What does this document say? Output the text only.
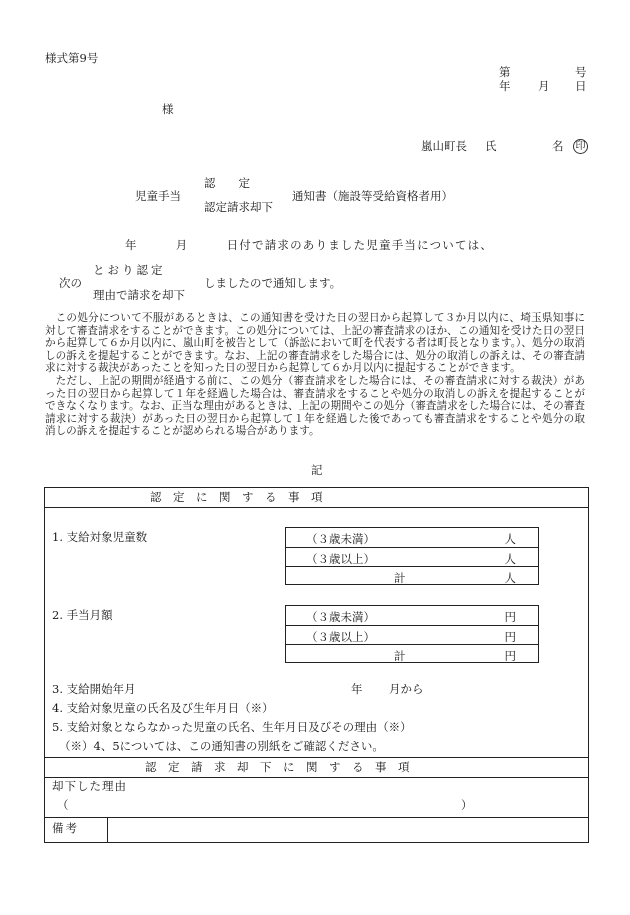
様式第9号
第	号
年 月 日
様
嵐山町長 氏	名 印
児童手当
認　　定
認定請求却下
通知書（施設等受給資格者用）
年　　　月　　　日付で請求のありました児童手当については、
次の
とおり認定
理由で請求を却下
しましたので通知します。

この処分について不服があるときは、この通知書を受けた日の翌日から起算して３か月以内に、埼玉県知事に対して審査請求をすることができます。この処分については、上記の審査請求のほか、この通知を受けた日の翌日から起算して６か月以内に、嵐山町を被告として（訴訟において町を代表する者は町長となります。）、処分の取消しの訴えを提起することができます。なお、上記の審査請求をした場合には、処分の取消しの訴えは、その審査請求に対する裁決があったことを知った日の翌日から起算して６か月以内に提起することができます。

ただし、上記の期間が経過する前に、この処分（審査請求をした場合には、その審査請求に対する裁決）があった日の翌日から起算して１年を経過した場合は、審査請求をすることや処分の取消しの訴えを提起することができなくなります。なお、正当な理由があるときは、上記の期間やこの処分（審査請求をした場合には、その審査請求に対する裁決）があった日の翌日から起算して１年を経過した後であっても審査請求をすることや処分の取消しの訴えを提起することが認められる場合があります。

記
認　定　に　関　す　る　事　項
1. 支給対象児童数	（３歳未満）	人
（３歳以上）	人
計	人
2. 手当月額	（３歳未満）	円
（３歳以上）	円
計	円
3. 支給開始年月	年 月から
4. 支給対象児童の氏名及び生年月日（※）
5. 支給対象とならなかった児童の氏名、生年月日及びその理由（※）
（※）4、5については、この通知書の別紙をご確認ください。
認　定　請　求　却　下　に　関　す　る　事　項
却下した理由
（	）
備考
